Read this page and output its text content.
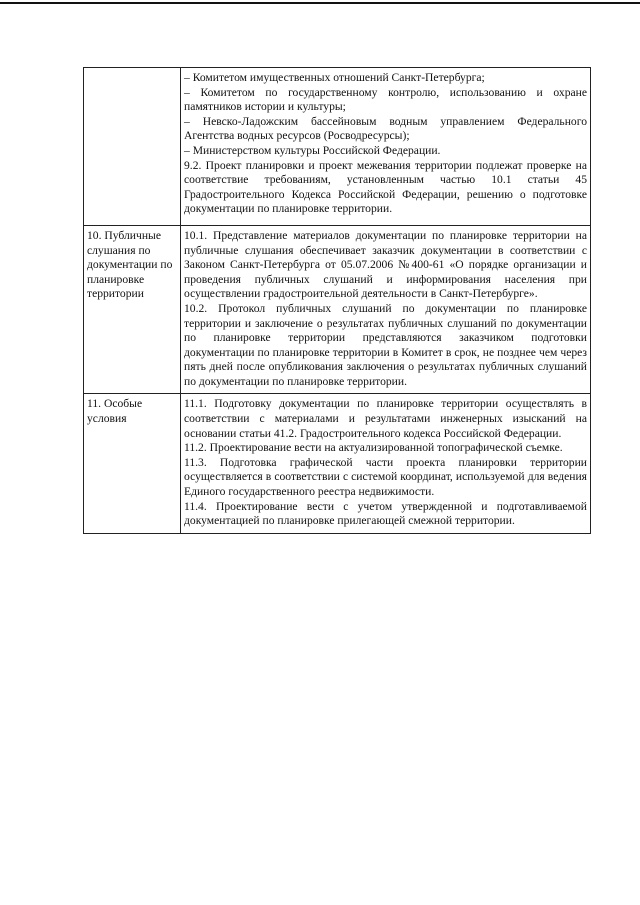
	– Комитетом имущественных отношений Санкт-Петербурга;

– Комитетом по государственному контролю, использованию и охране памятников истории и культуры;

– Невско-Ладожским бассейновым водным управлением Федерального Агентства водных ресурсов (Росводресурсы);

– Министерством культуры Российской Федерации.

9.2. Проект планировки и проект межевания территории подлежат проверке на соответствие требованиям, установленным частью 10.1 статьи 45 Градостроительного Кодекса Российской Федерации, решению о подготовке документации по планировке территории.

10. Публичные слушания по документации по планировке территории	10.1. Представление материалов документации по планировке территории на публичные слушания обеспечивает заказчик документации в соответствии с Законом Санкт-Петербурга от 05.07.2006 №400-61 «О порядке организации и проведения публичных слушаний и информирования населения при осуществлении градостроительной деятельности в Санкт-Петербурге».

10.2. Протокол публичных слушаний по документации по планировке территории и заключение о результатах публичных слушаний по документации по планировке территории представляются заказчиком подготовки документации по планировке территории в Комитет в срок, не позднее чем через пять дней после опубликования заключения о результатах публичных слушаний по документации по планировке территории.

11. Особые условия	11.1. Подготовку документации по планировке территории осуществлять в соответствии с материалами и результатами инженерных изысканий на основании статьи 41.2. Градостроительного кодекса Российской Федерации.

11.2. Проектирование вести на актуализированной топографической съемке.

11.3. Подготовка графической части проекта планировки территории осуществляется в соответствии с системой координат, используемой для ведения Единого государственного реестра недвижимости.

11.4. Проектирование вести с учетом утвержденной и подготавливаемой документацией по планировке прилегающей смежной территории.
